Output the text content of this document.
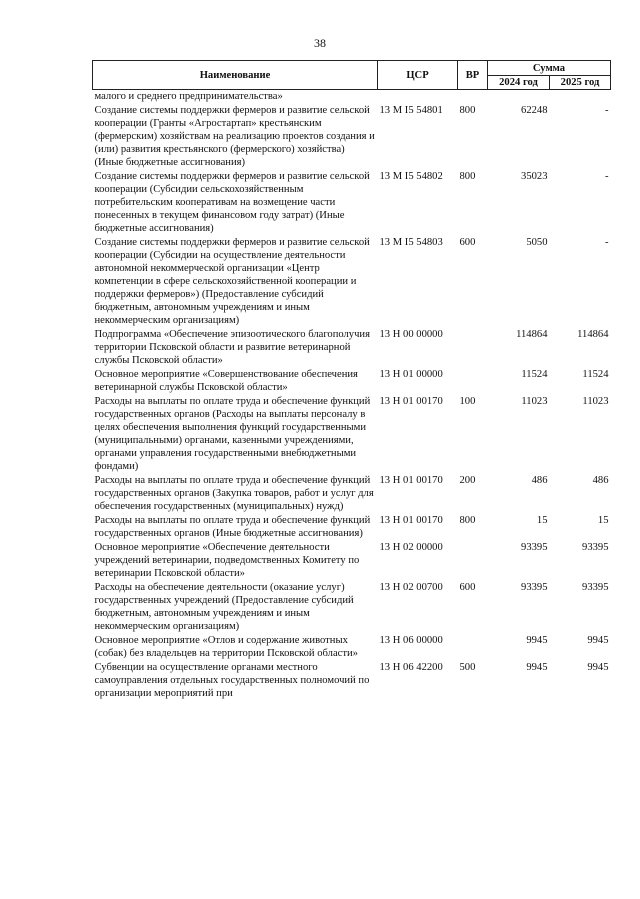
38
Наименование	ЦСР	ВР	Сумма	
			2024 год	2025 год
малого и среднего предпринимательства»				
Создание системы поддержки фермеров и развитие сельской кооперации (Гранты «Агростартап» крестьянским (фермерским) хозяйствам на реализацию проектов создания и (или) развития крестьянского (фермерского) хозяйства) (Иные бюджетные ассигнования)	13 М I5 54801	800	62248	-
Создание системы поддержки фермеров и развитие сельской кооперации (Субсидии сельскохозяйственным потребительским кооперативам на возмещение части понесенных в текущем финансовом году затрат) (Иные бюджетные ассигнования)	13 М I5 54802	800	35023	-
Создание системы поддержки фермеров и развитие сельской кооперации (Субсидии на осуществление деятельности автономной некоммерческой организации «Центр компетенции в сфере сельскохозяйственной кооперации и поддержки фермеров») (Предоставление субсидий бюджетным, автономным учреждениям и иным некоммерческим организациям)	13 М I5 54803	600	5050	-
Подпрограмма «Обеспечение эпизоотического благополучия территории Псковской области и развитие ветеринарной службы Псковской области»	13 Н 00 00000		114864	114864
Основное мероприятие «Совершенствование обеспечения ветеринарной службы Псковской области»	13 Н 01 00000		11524	11524
Расходы на выплаты по оплате труда и обеспечение функций государственных органов (Расходы на выплаты персоналу в целях обеспечения выполнения функций государственными (муниципальными) органами, казенными учреждениями, органами управления государственными внебюджетными фондами)	13 Н 01 00170	100	11023	11023
Расходы на выплаты по оплате труда и обеспечение функций государственных органов (Закупка товаров, работ и услуг для обеспечения государственных (муниципальных) нужд)	13 Н 01 00170	200	486	486
Расходы на выплаты по оплате труда и обеспечение функций государственных органов (Иные бюджетные ассигнования)	13 Н 01 00170	800	15	15
Основное мероприятие «Обеспечение деятельности учреждений ветеринарии, подведомственных Комитету по ветеринарии Псковской области»	13 Н 02 00000		93395	93395
Расходы на обеспечение деятельности (оказание услуг) государственных учреждений (Предоставление субсидий бюджетным, автономным учреждениям и иным некоммерческим организациям)	13 Н 02 00700	600	93395	93395
Основное мероприятие «Отлов и содержание животных (собак) без владельцев на территории Псковской области»	13 Н 06 00000		9945	9945
Субвенции на осуществление органами местного самоуправления отдельных государственных полномочий по организации мероприятий при	13 Н 06 42200	500	9945	9945
